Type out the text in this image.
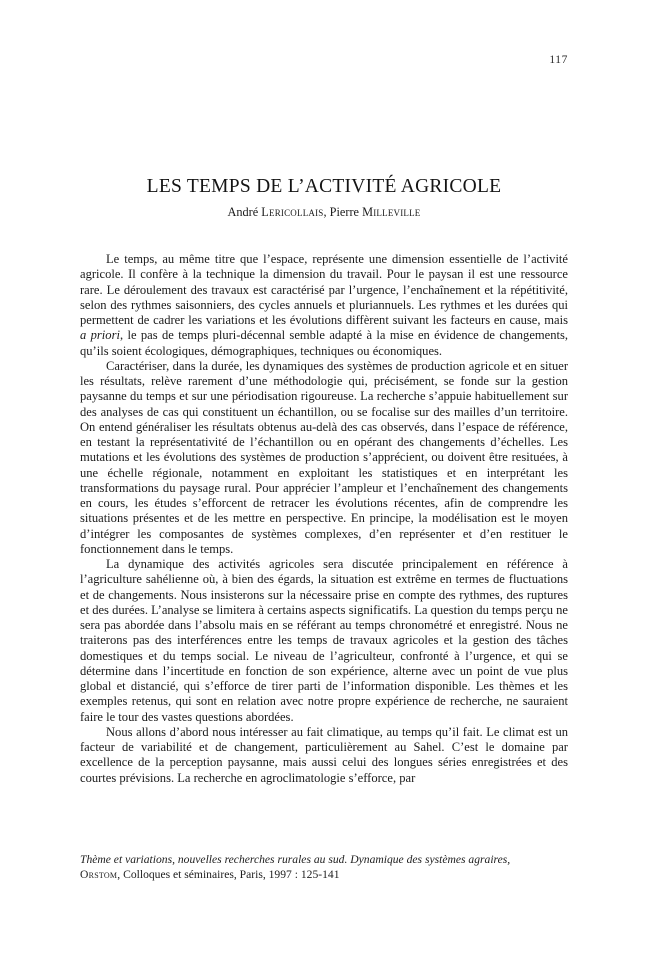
117
LES TEMPS DE L’ACTIVITÉ AGRICOLE

André Lericollais, Pierre Milleville

Le temps, au même titre que l’espace, représente une dimension essentielle de l’activité agricole. Il confère à la technique la dimension du travail. Pour le paysan il est une ressource rare. Le déroulement des travaux est caractérisé par l’urgence, l’enchaînement et la répétitivité, selon des rythmes saisonniers, des cycles annuels et pluriannuels. Les rythmes et les durées qui permettent de cadrer les variations et les évolutions diffèrent suivant les facteurs en cause, mais a priori, le pas de temps pluri-décennal semble adapté à la mise en évidence de changements, qu’ils soient écologiques, démographiques, techniques ou économiques.

Caractériser, dans la durée, les dynamiques des systèmes de production agricole et en situer les résultats, relève rarement d’une méthodologie qui, précisément, se fonde sur la gestion paysanne du temps et sur une périodisation rigoureuse. La recherche s’appuie habituellement sur des analyses de cas qui constituent un échantillon, ou se focalise sur des mailles d’un territoire. On entend généraliser les résultats obtenus au-delà des cas observés, dans l’espace de référence, en testant la représentativité de l’échantillon ou en opérant des changements d’échelles. Les mutations et les évolutions des systèmes de production s’apprécient, ou doivent être resituées, à une échelle régionale, notamment en exploitant les statistiques et en interprétant les transformations du paysage rural. Pour apprécier l’ampleur et l’enchaînement des changements en cours, les études s’efforcent de retracer les évolutions récentes, afin de comprendre les situations présentes et de les mettre en perspective. En principe, la modélisation est le moyen d’intégrer les composantes de systèmes complexes, d’en représenter et d’en restituer le fonctionnement dans le temps.

La dynamique des activités agricoles sera discutée principalement en référence à l’agriculture sahélienne où, à bien des égards, la situation est extrême en termes de fluctuations et de changements. Nous insisterons sur la nécessaire prise en compte des rythmes, des ruptures et des durées. L’analyse se limitera à certains aspects significatifs. La question du temps perçu ne sera pas abordée dans l’absolu mais en se référant au temps chronométré et enregistré. Nous ne traiterons pas des interférences entre les temps de travaux agricoles et la gestion des tâches domestiques et du temps social. Le niveau de l’agriculteur, confronté à l’urgence, et qui se détermine dans l’incertitude en fonction de son expérience, alterne avec un point de vue plus global et distancié, qui s’efforce de tirer parti de l’information disponible. Les thèmes et les exemples retenus, qui sont en relation avec notre propre expérience de recherche, ne sauraient faire le tour des vastes questions abordées.

Nous allons d’abord nous intéresser au fait climatique, au temps qu’il fait. Le climat est un facteur de variabilité et de changement, particulièrement au Sahel. C’est le domaine par excellence de la perception paysanne, mais aussi celui des longues séries enregistrées et des courtes prévisions. La recherche en agroclimatologie s’efforce, par

Thème et variations, nouvelles recherches rurales au sud. Dynamique des systèmes agraires,
Orstom, Colloques et séminaires, Paris, 1997 : 125-141
